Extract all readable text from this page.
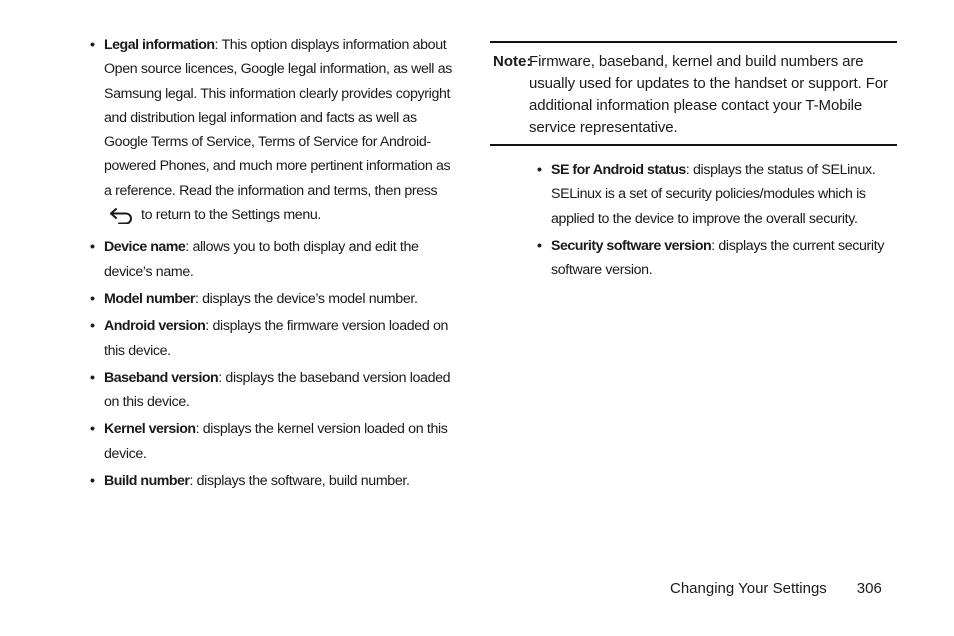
• Legal information: This option displays information about Open source licences, Google legal information, as well as Samsung legal. This information clearly provides copyright and distribution legal information and facts as well as Google Terms of Service, Terms of Service for Android-powered Phones, and much more pertinent information as a reference. Read the information and terms, then press to return to the Settings menu.
• Device name: allows you to both display and edit the device’s name.
• Model number: displays the device’s model number.
• Android version: displays the firmware version loaded on this device.
• Baseband version: displays the baseband version loaded on this device.
• Kernel version: displays the kernel version loaded on this device.
• Build number: displays the software, build number.
Note:
Firmware, baseband, kernel and build numbers are usually used for updates to the handset or support. For additional information please contact your T-Mobile service representative.
• SE for Android status: displays the status of SELinux. SELinux is a set of security policies/modules which is applied to the device to improve the overall security.
• Security software version: displays the current security software version.
Changing Your Settings 306
